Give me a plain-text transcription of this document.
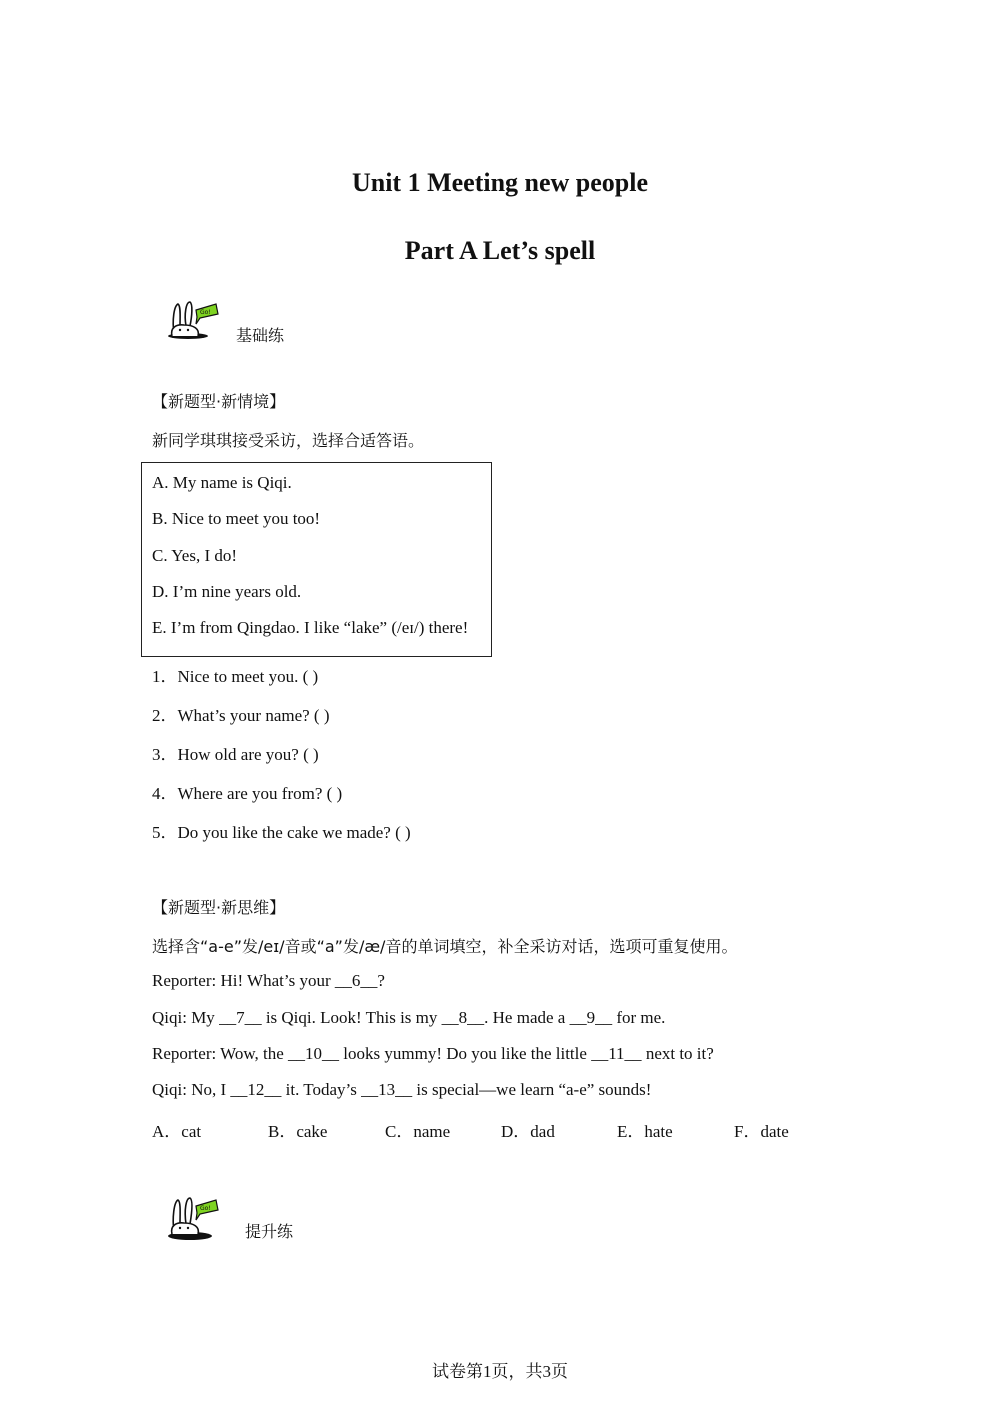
Unit 1 Meeting new people
Part A Let’s spell
Go!
基础练
【新题型·新情境】
新同学琪琪接受采访，选择合适答语。
A. My name is Qiqi.
B. Nice to meet you too!
C. Yes, I do!
D. I’m nine years old.
E. I’m from Qingdao. I like “lake” (/eɪ/) there!
1．Nice to meet you. ( )
2．What’s your name? ( )
3．How old are you? ( )
4．Where are you from? ( )
5．Do you like the cake we made? ( )
【新题型·新思维】
选择含“a-e”发/eɪ/音或“a”发/æ/音的单词填空，补全采访对话，选项可重复使用。
Reporter: Hi! What’s your __6__?
Qiqi: My __7__ is Qiqi. Look! This is my __8__. He made a __9__ for me.
Reporter: Wow, the __10__ looks yummy! Do you like the little __11__ next to it?
Qiqi: No, I __12__ it. Today’s __13__ is special—we learn “a-e” sounds!
A．cat	B．cake	C．name	D．dad	E．hate	F．date
Go!
提升练
试卷第1页，共3页
